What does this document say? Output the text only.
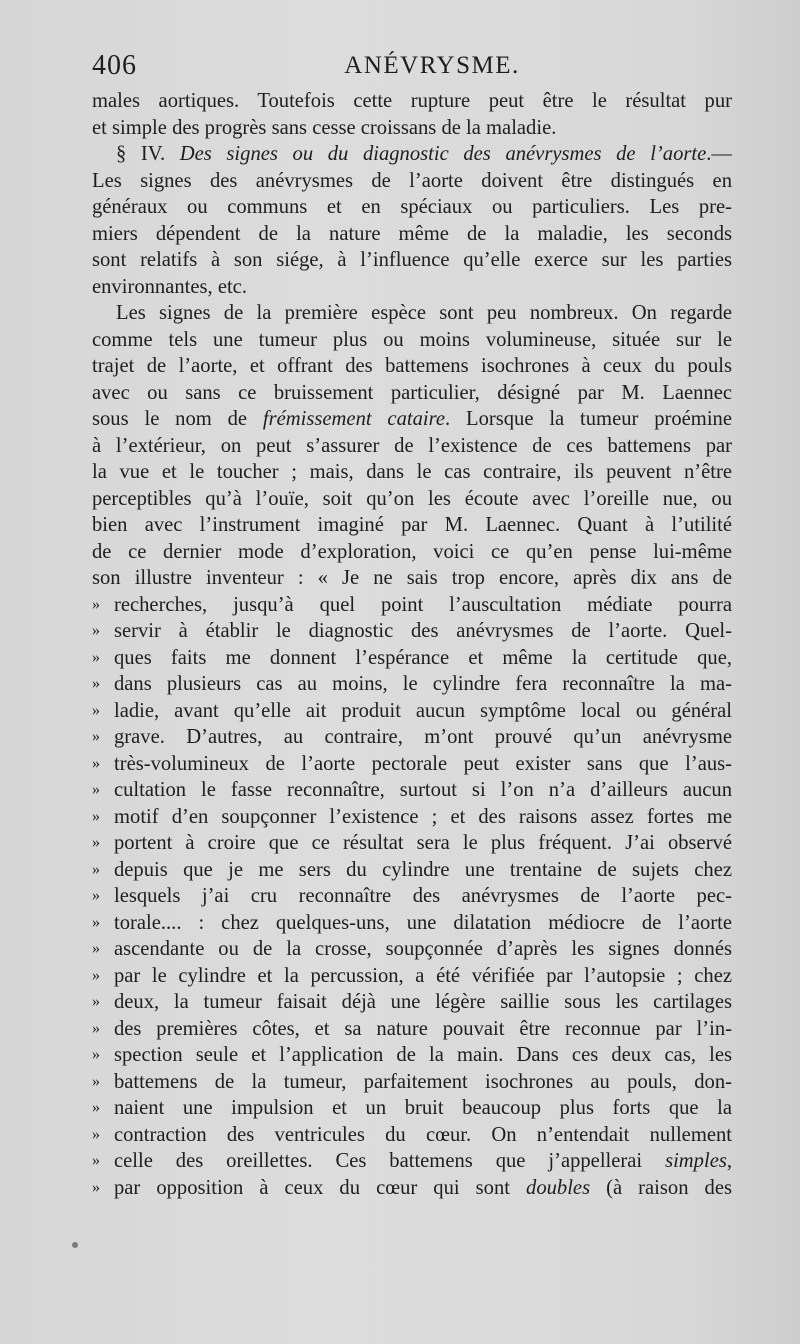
406	ANÉVRYSME.
males aortiques. Toutefois cette rupture peut être le résultat pur
et simple des progrès sans cesse croissans de la maladie.
§ IV. Des signes ou du diagnostic des anévrysmes de l’aorte.—
Les signes des anévrysmes de l’aorte doivent être distingués en
généraux ou communs et en spéciaux ou particuliers. Les pre-
miers dépendent de la nature même de la maladie, les seconds
sont relatifs à son siége, à l’influence qu’elle exerce sur les parties
environnantes, etc.
Les signes de la première espèce sont peu nombreux. On regarde
comme tels une tumeur plus ou moins volumineuse, située sur le
trajet de l’aorte, et offrant des battemens isochrones à ceux du pouls
avec ou sans ce bruissement particulier, désigné par M. Laennec
sous le nom de frémissement cataire. Lorsque la tumeur proémine
à l’extérieur, on peut s’assurer de l’existence de ces battemens par
la vue et le toucher ; mais, dans le cas contraire, ils peuvent n’être
perceptibles qu’à l’ouïe, soit qu’on les écoute avec l’oreille nue, ou
bien avec l’instrument imaginé par M. Laennec. Quant à l’utilité
de ce dernier mode d’exploration, voici ce qu’en pense lui-même
son illustre inventeur : « Je ne sais trop encore, après dix ans de
» recherches, jusqu’à quel point l’auscultation médiate pourra
» servir à établir le diagnostic des anévrysmes de l’aorte. Quel-
» ques faits me donnent l’espérance et même la certitude que,
» dans plusieurs cas au moins, le cylindre fera reconnaître la ma-
» ladie, avant qu’elle ait produit aucun symptôme local ou général
» grave. D’autres, au contraire, m’ont prouvé qu’un anévrysme
» très-volumineux de l’aorte pectorale peut exister sans que l’aus-
» cultation le fasse reconnaître, surtout si l’on n’a d’ailleurs aucun
» motif d’en soupçonner l’existence ; et des raisons assez fortes me
» portent à croire que ce résultat sera le plus fréquent. J’ai observé
» depuis que je me sers du cylindre une trentaine de sujets chez
» lesquels j’ai cru reconnaître des anévrysmes de l’aorte pec-
» torale.... : chez quelques-uns, une dilatation médiocre de l’aorte
» ascendante ou de la crosse, soupçonnée d’après les signes donnés
» par le cylindre et la percussion, a été vérifiée par l’autopsie ; chez
» deux, la tumeur faisait déjà une légère saillie sous les cartilages
» des premières côtes, et sa nature pouvait être reconnue par l’in-
» spection seule et l’application de la main. Dans ces deux cas, les
» battemens de la tumeur, parfaitement isochrones au pouls, don-
» naient une impulsion et un bruit beaucoup plus forts que la
» contraction des ventricules du cœur. On n’entendait nullement
» celle des oreillettes. Ces battemens que j’appellerai simples,
» par opposition à ceux du cœur qui sont doubles (à raison des
